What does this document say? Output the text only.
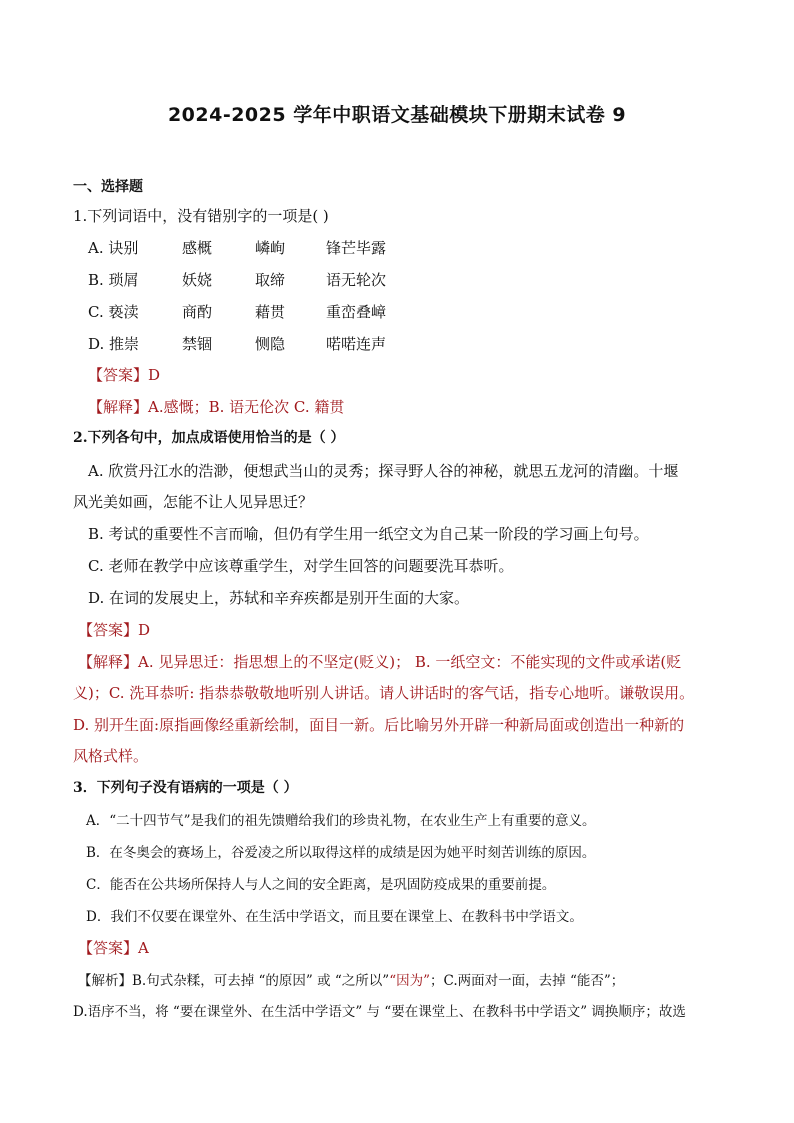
2024-2025 学年中职语文基础模块下册期末试卷 9
一、选择题
1.下列词语中，没有错别字的一项是( )
A. 诀别	感概	嶙峋	锋芒毕露
B. 琐屑	妖娆	取缔	语无轮次
C. 亵渎	商酌	藉贯	重峦叠嶂
D. 推崇	禁锢	恻隐	喏喏连声
【答案】D
【解释】A.感慨；B. 语无伦次 C. 籍贯
2.下列各句中，加点成语使用恰当的是（ ）
A. 欣赏丹江水的浩渺，便想武当山的灵秀；探寻野人谷的神秘，就思五龙河的清幽。十堰
风光美如画，怎能不让人见异思迁？
B. 考试的重要性不言而喻，但仍有学生用一纸空文为自己某一阶段的学习画上句号。
C. 老师在教学中应该尊重学生，对学生回答的问题要洗耳恭听。
D. 在词的发展史上，苏轼和辛弃疾都是别开生面的大家。
【答案】D
【解释】A. 见异思迁：指思想上的不坚定(贬义)； B. 一纸空文：不能实现的文件或承诺(贬
义)；C. 洗耳恭听: 指恭恭敬敬地听别人讲话。请人讲话时的客气话，指专心地听。谦敬误用。
D. 别开生面:原指画像经重新绘制，面目一新。后比喻另外开辟一种新局面或创造出一种新的
风格式样。
3．下列句子没有语病的一项是（ ）
A．“二十四节气”是我们的祖先馈赠给我们的珍贵礼物，在农业生产上有重要的意义。
B．在冬奥会的赛场上，谷爱凌之所以取得这样的成绩是因为她平时刻苦训练的原因。
C．能否在公共场所保持人与人之间的安全距离，是巩固防疫成果的重要前提。
D．我们不仅要在课堂外、在生活中学语文，而且要在课堂上、在教科书中学语文。
【答案】A
【解析】B.句式杂糅，可去掉 “的原因” 或 “之所以”“因为”；C.两面对一面，去掉 “能否”；
D.语序不当，将 “要在课堂外、在生活中学语文” 与 “要在课堂上、在教科书中学语文” 调换顺序；故选
